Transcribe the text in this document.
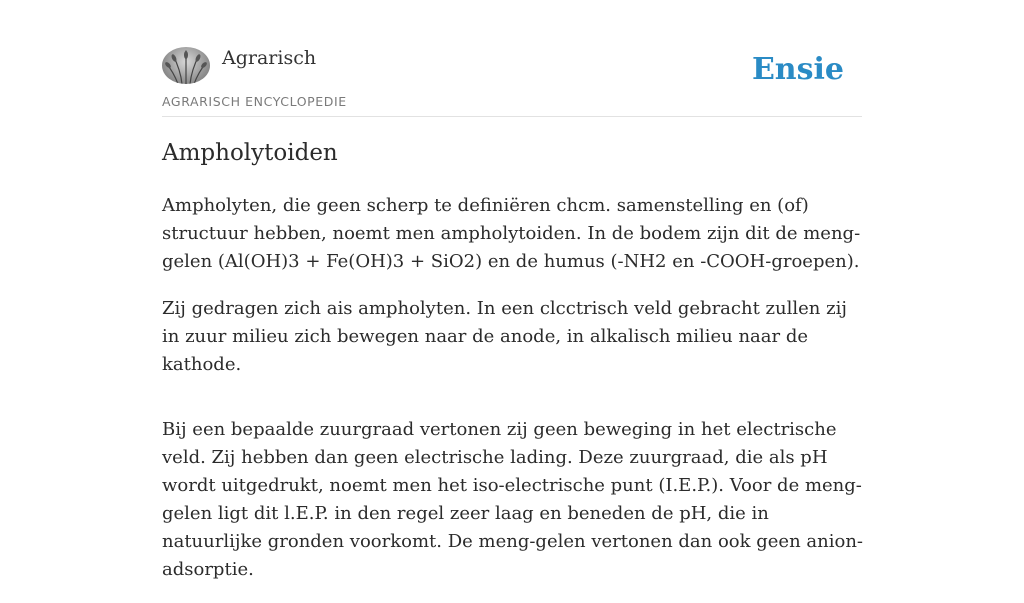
Agrarisch
AGRARISCH ENCYCLOPEDIE
Ensie
Ampholytoiden

Ampholyten, die geen scherp te definiëren chcm. samenstelling en (of) structuur hebben, noemt men ampholytoiden. In de bodem zijn dit de meng- gelen (Al(OH)3 + Fe(OH)3 + SiO2) en de humus (-NH2 en -COOH-groepen).

Zij gedragen zich ais ampholyten. In een clcctrisch veld gebracht zullen zij in zuur milieu zich bewegen naar de anode, in alkalisch milieu naar de kathode.

Bij een bepaalde zuurgraad vertonen zij geen beweging in het electrische veld. Zij hebben dan geen electrische lading. Deze zuurgraad, die als pH wordt uitgedrukt, noemt men het iso-electrische punt (I.E.P.). Voor de meng-gelen ligt dit l.E.P. in den regel zeer laag en beneden de pH, die in natuurlijke gronden voorkomt. De meng-gelen vertonen dan ook geen anion-adsorptie.
